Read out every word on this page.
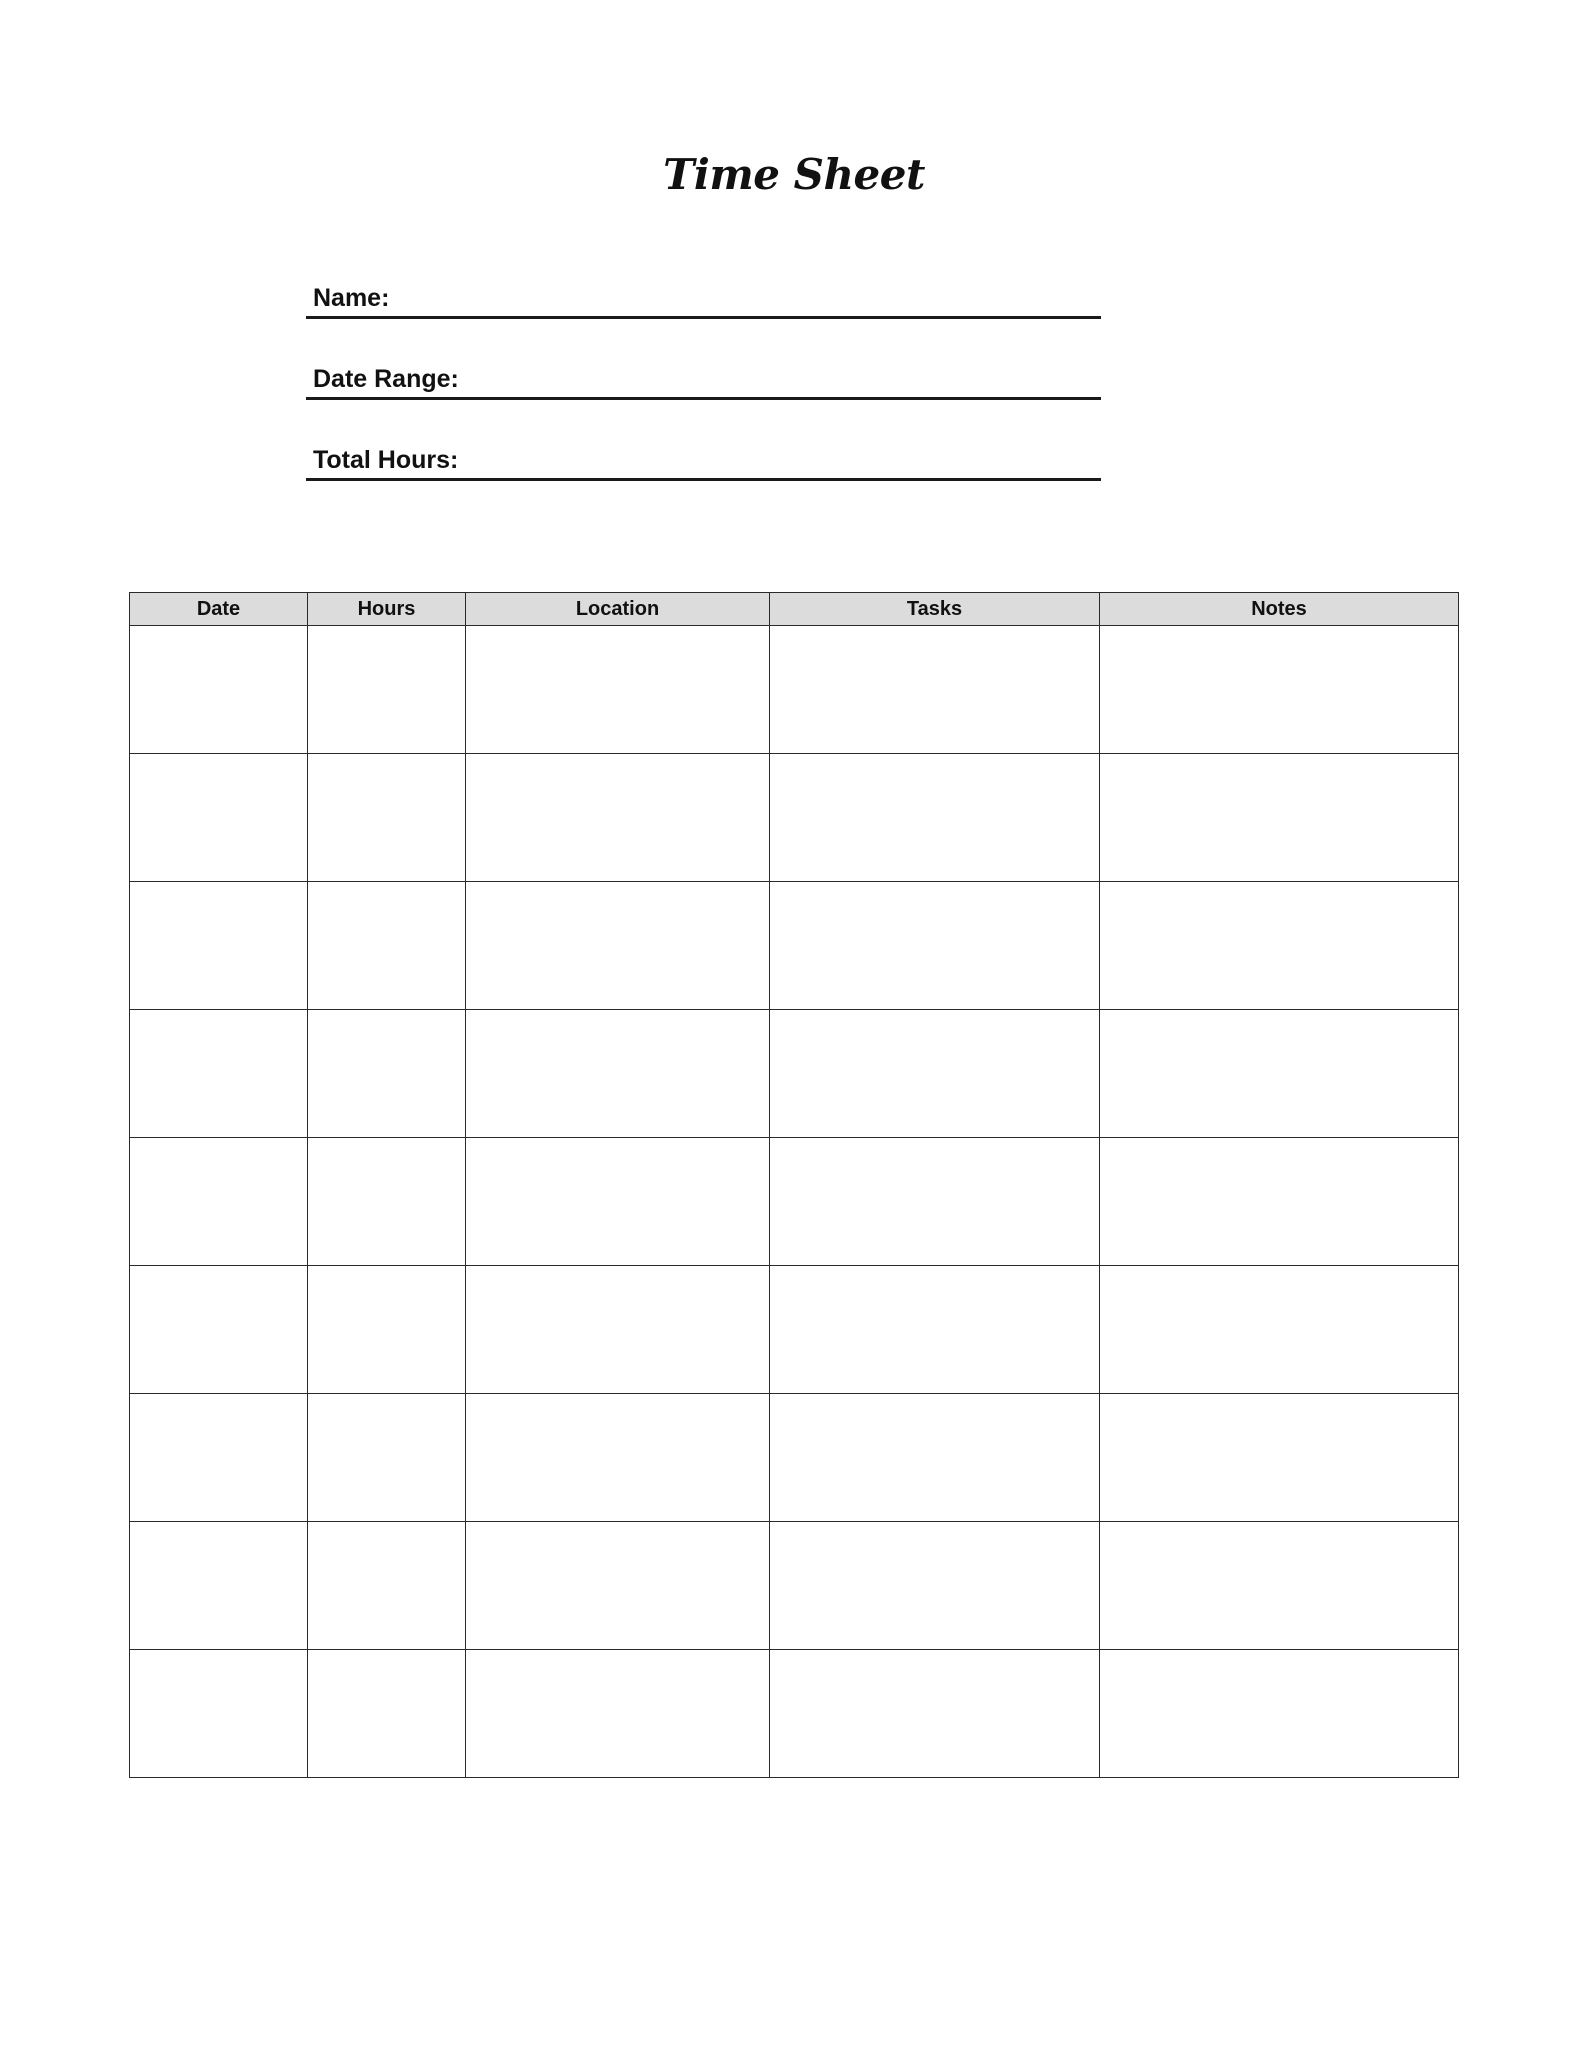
Time Sheet
Name:
Date Range:
Total Hours:
Date	Hours	Location	Tasks	Notes
